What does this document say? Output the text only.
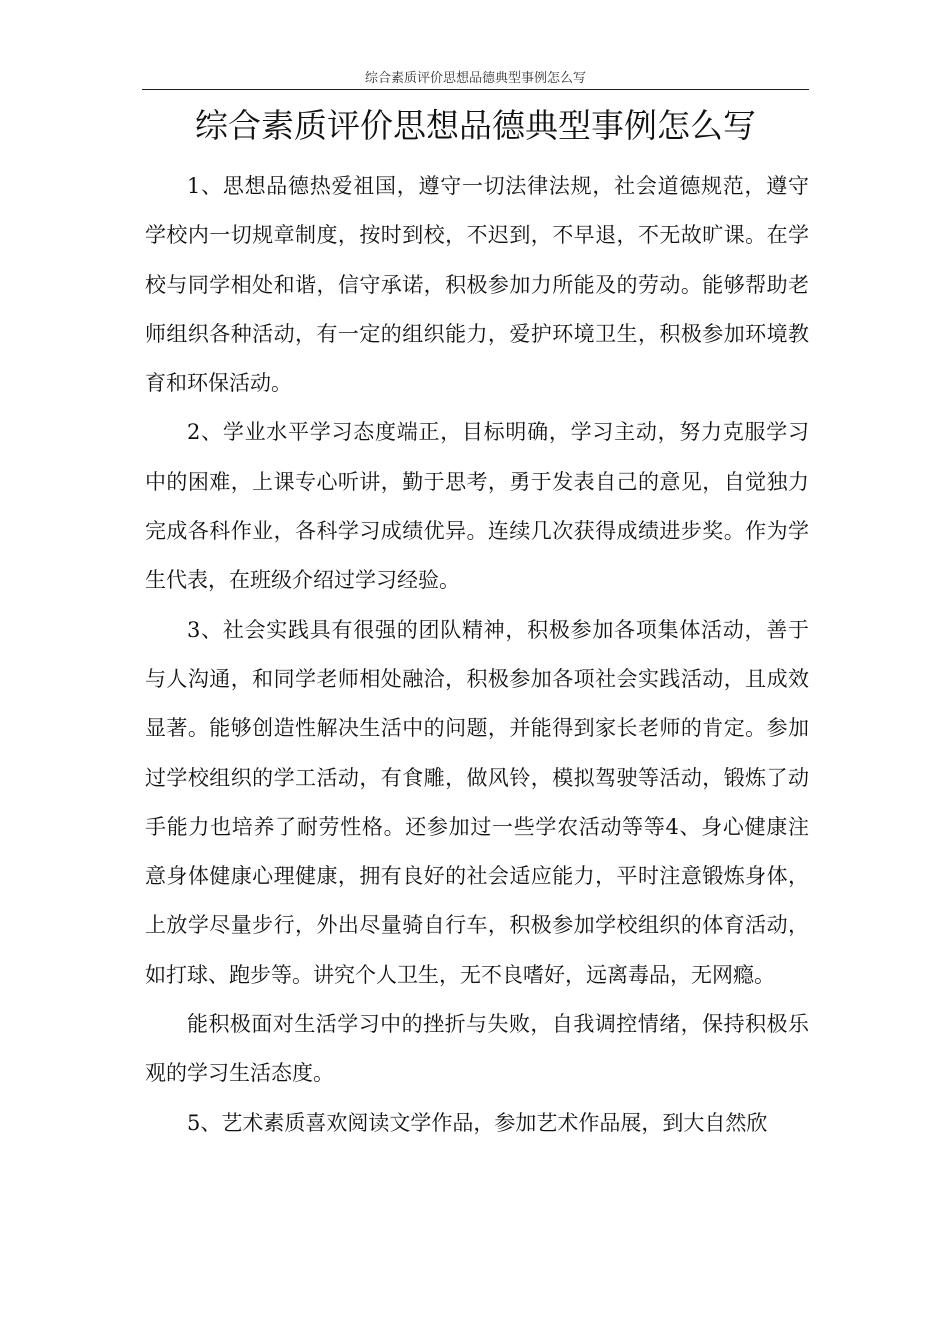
综合素质评价思想品德典型事例怎么写
综合素质评价思想品德典型事例怎么写

1、思想品德热爱祖国，遵守一切法律法规，社会道德规范，遵守学校内一切规章制度，按时到校，不迟到，不早退，不无故旷课。在学校与同学相处和谐，信守承诺，积极参加力所能及的劳动。能够帮助老师组织各种活动，有一定的组织能力，爱护环境卫生，积极参加环境教育和环保活动。

2、学业水平学习态度端正，目标明确，学习主动，努力克服学习中的困难，上课专心听讲，勤于思考，勇于发表自己的意见，自觉独力完成各科作业，各科学习成绩优异。连续几次获得成绩进步奖。作为学生代表，在班级介绍过学习经验。

3、社会实践具有很强的团队精神，积极参加各项集体活动，善于与人沟通，和同学老师相处融洽，积极参加各项社会实践活动，且成效显著。能够创造性解决生活中的问题，并能得到家长老师的肯定。参加过学校组织的学工活动，有食雕，做风铃，模拟驾驶等活动，锻炼了动手能力也培养了耐劳性格。还参加过一些学农活动等等4、身心健康注意身体健康心理健康，拥有良好的社会适应能力，平时注意锻炼身体，上放学尽量步行，外出尽量骑自行车，积极参加学校组织的体育活动，如打球、跑步等。讲究个人卫生，无不良嗜好，远离毒品，无网瘾。

能积极面对生活学习中的挫折与失败，自我调控情绪，保持积极乐观的学习生活态度。

5、艺术素质喜欢阅读文学作品，参加艺术作品展，到大自然欣
